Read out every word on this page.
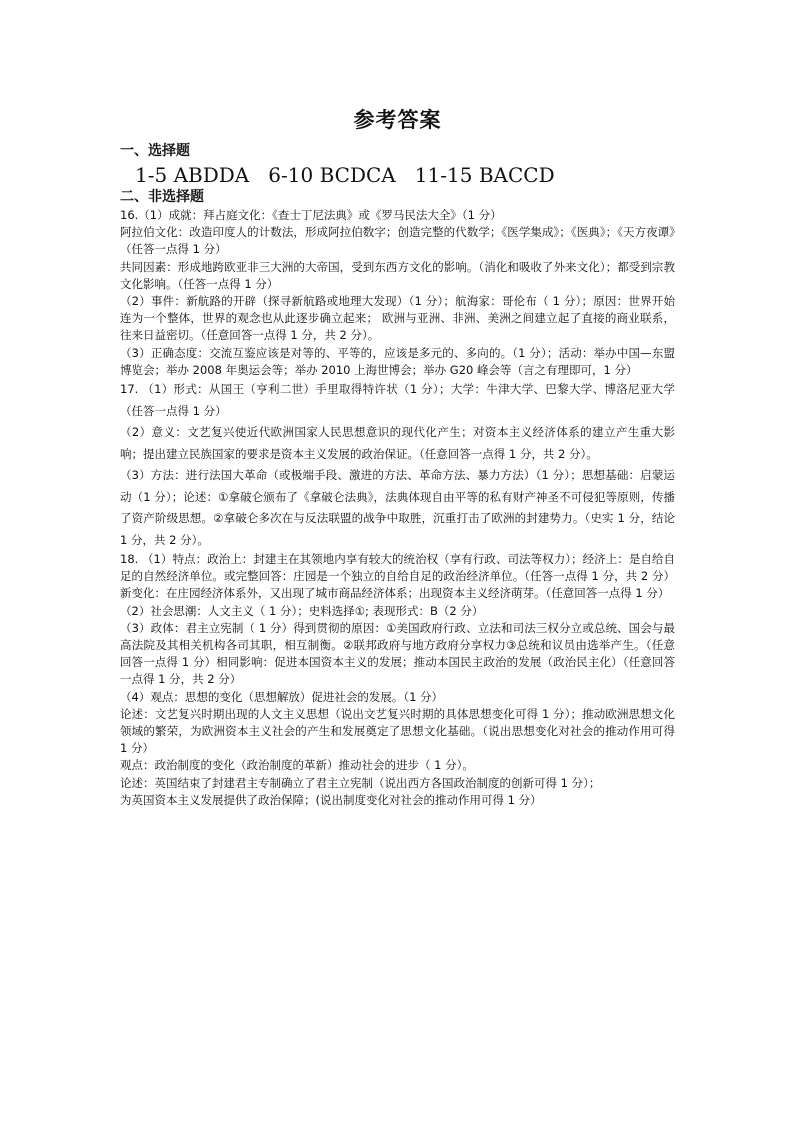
参考答案

一、选择题

1-5 ABDDA   6-10 BCDCA   11-15 BACCD

二、非选择题

16.（1）成就：拜占庭文化：《查士丁尼法典》或《罗马民法大全》（1 分）

阿拉伯文化：改造印度人的计数法，形成阿拉伯数字；创造完整的代数学；《医学集成》；《医典》；《天方夜谭》（任答一点得 1 分）

共同因素：形成地跨欧亚非三大洲的大帝国，受到东西方文化的影响。（消化和吸收了外来文化）；都受到宗教文化影响。（任答一点得 1 分）

（2）事件：新航路的开辟（探寻新航路或地理大发现）（1 分）；航海家：哥伦布（ 1 分）；原因：世界开始连为一个整体，世界的观念也从此逐步确立起来； 欧洲与亚洲、非洲、美洲之间建立起了直接的商业联系，往来日益密切。（任意回答一点得 1 分，共 2 分）。

（3）正确态度：交流互鉴应该是对等的、平等的，应该是多元的、多向的。（1 分）；活动：举办中国—东盟博览会；举办 2008 年奥运会等；举办 2010 上海世博会；举办 G20 峰会等（言之有理即可，1 分）

17. （1）形式：从国王（亨利二世）手里取得特许状（1 分）；大学：牛津大学、巴黎大学、博洛尼亚大学（任答一点得 1 分）

（2）意义：文艺复兴使近代欧洲国家人民思想意识的现代化产生；对资本主义经济体系的建立产生重大影响；提出建立民族国家的要求是资本主义发展的政治保证。（任意回答一点得 1 分，共 2 分）。

（3）方法：进行法国大革命（或极端手段、激进的方法、革命方法、暴力方法）（1 分）；思想基础：启蒙运动（1 分）；论述：①拿破仑颁布了《拿破仑法典》，法典体现自由平等的私有财产神圣不可侵犯等原则，传播了资产阶级思想。②拿破仑多次在与反法联盟的战争中取胜，沉重打击了欧洲的封建势力。（史实 1 分，结论 1 分，共 2 分）。

18. （1）特点：政治上：封建主在其领地内享有较大的统治权（享有行政、司法等权力）；经济上：是自给自足的自然经济单位。或完整回答：庄园是一个独立的自给自足的政治经济单位。（任答一点得 1 分，共 2 分）新变化：在庄园经济体系外，又出现了城市商品经济体系；出现资本主义经济萌芽。（任意回答一点得 1 分）

（2）社会思潮：人文主义（ 1 分）；史料选择①; 表现形式：B（2 分）

（3）政体：君主立宪制（ 1 分）得到贯彻的原因：①美国政府行政、立法和司法三权分立或总统、国会与最高法院及其相关机构各司其职，相互制衡。②联邦政府与地方政府分享权力③总统和议员由选举产生。（任意回答一点得 1 分）相同影响：促进本国资本主义的发展；推动本国民主政治的发展（政治民主化）（任意回答一点得 1 分，共 2 分）

（4）观点：思想的变化（思想解放）促进社会的发展。（1 分）

论述：文艺复兴时期出现的人文主义思想（说出文艺复兴时期的具体思想变化可得 1 分）；推动欧洲思想文化领域的繁荣，为欧洲资本主义社会的产生和发展奠定了思想文化基础。（说出思想变化对社会的推动作用可得 1 分）

观点：政治制度的变化（政治制度的革新）推动社会的进步（ 1 分）。

论述：英国结束了封建君主专制确立了君主立宪制（说出西方各国政治制度的创新可得 1 分）；

为英国资本主义发展提供了政治保障；(说出制度变化对社会的推动作用可得 1 分）
